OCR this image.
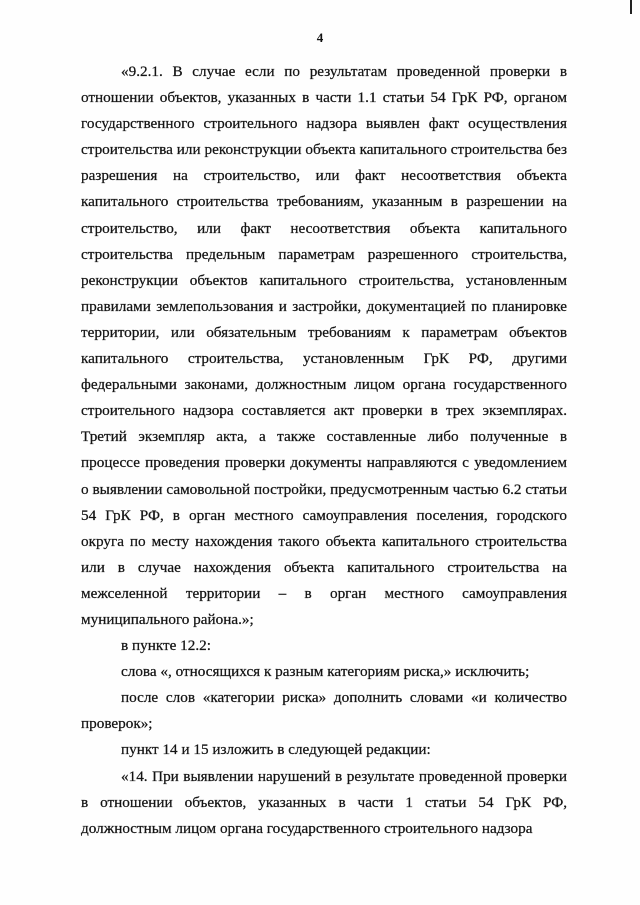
4

«9.2.1. В случае если по результатам проведенной проверки в отношении объектов, указанных в части 1.1 статьи 54 ГрК РФ, органом государственного строительного надзора выявлен факт осуществления строительства или реконструкции объекта капитального строительства без разрешения на строительство, или факт несоответствия объекта капитального строительства требованиям, указанным в разрешении на строительство, или факт несоответствия объекта капитального строительства предельным параметрам разрешенного строительства, реконструкции объектов капитального строительства, установленным правилами землепользования и застройки, документацией по планировке территории, или обязательным требованиям к параметрам объектов капитального строительства, установленным ГрК РФ, другими федеральными законами, должностным лицом органа государственного строительного надзора составляется акт проверки в трех экземплярах. Третий экземпляр акта, а также составленные либо полученные в процессе проведения проверки документы направляются с уведомлением о выявлении самовольной постройки, предусмотренным частью 6.2 статьи 54 ГрК РФ, в орган местного самоуправления поселения, городского округа по месту нахождения такого объекта капитального строительства или в случае нахождения объекта капитального строительства на межселенной территории – в орган местного самоуправления муниципального района.»;

в пункте 12.2:

слова «, относящихся к разным категориям риска,» исключить;

после слов «категории риска» дополнить словами «и количество проверок»;

пункт 14 и 15 изложить в следующей редакции:

«14. При выявлении нарушений в результате проведенной проверки в отношении объектов, указанных в части 1 статьи 54 ГрК РФ, должностным лицом органа государственного строительного надзора
